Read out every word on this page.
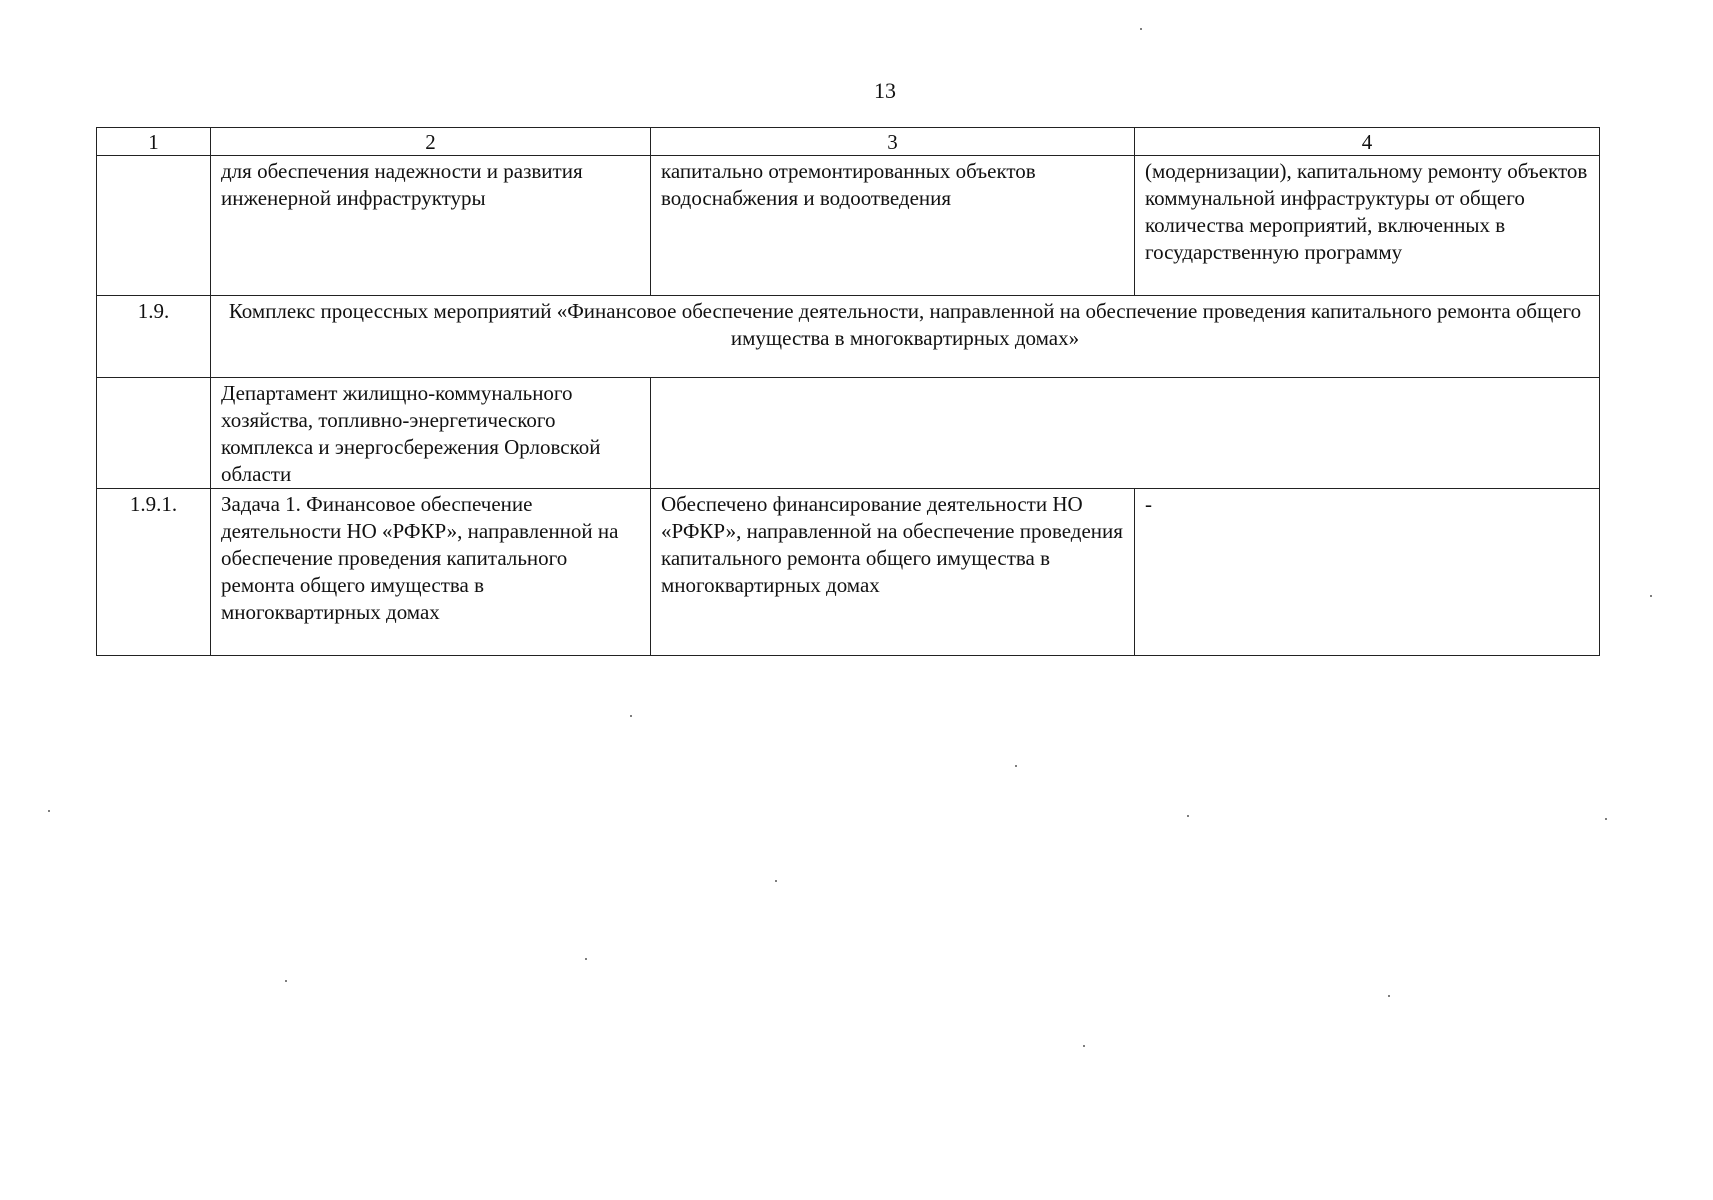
13
1	2	3	4
	для обеспечения надежности и развития инженерной инфраструктуры	капитально отремонтированных объектов водоснабжения и водоотведения	(модернизации), капитальному ремонту объектов коммунальной инфраструктуры от общего количества мероприятий, включенных в государственную программу
1.9.	Комплекс процессных мероприятий «Финансовое обеспечение деятельности, направленной на обеспечение проведения капитального ремонта общего имущества в многоквартирных домах»		
	Департамент жилищно-коммунального хозяйства, топливно-энергетического комплекса и энергосбережения Орловской области		
1.9.1.	Задача 1. Финансовое обеспечение деятельности НО «РФКР», направленной на обеспечение проведения капитального ремонта общего имущества в многоквартирных домах	Обеспечено финансирование деятельности НО «РФКР», направленной на обеспечение проведения капитального ремонта общего имущества в многоквартирных домах	-
